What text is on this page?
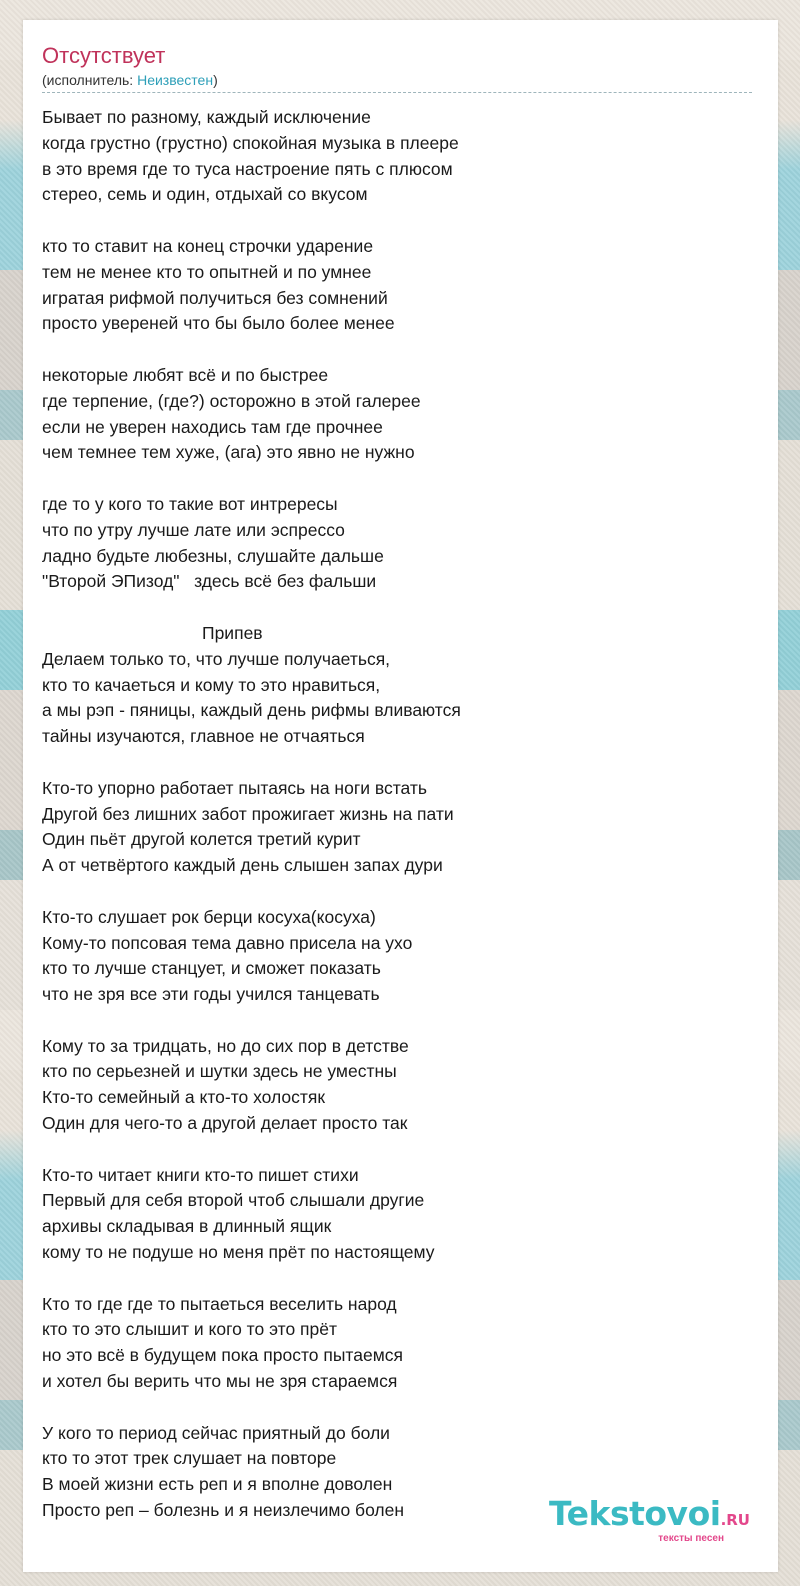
Отсутствует
(исполнитель: Неизвестен)
Бывает по разному, каждый исключение
когда грустно (грустно) спокойная музыка в плеере
в это время где то туса настроение пять с плюсом
стерео, семь и один, отдыхай со вкусом
кто то ставит на конец строчки ударение
тем не менее кто то опытней и по умнее
игратая рифмой получиться без сомнений
просто увереней что бы было более менее
некоторые любят всё и по быстрее
где терпение, (где?) осторожно в этой галерее
если не уверен находись там где прочнее
чем темнее тем хуже, (ага) это явно не нужно
где то у кого то такие вот интрересы
что по утру лучше лате или эспрессо
ладно будьте любезны, слушайте дальше
"Второй ЭПизод"   здесь всё без фальши
Припев
Делаем только то, что лучше получаеться,
кто то качаеться и кому то это нравиться,
а мы рэп - пяницы, каждый день рифмы вливаются
тайны изучаются, главное не отчаяться
Кто-то упорно работает пытаясь на ноги встать
Другой без лишних забот прожигает жизнь на пати
Один пьёт другой колется третий курит
А от четвёртого каждый день слышен запах дури
Кто-то слушает рок берци косуха(косуха)
Кому-то попсовая тема давно присела на ухо
кто то лучше станцует, и сможет показать
что не зря все эти годы учился танцевать
Кому то за тридцать, но до сих пор в детстве
кто по серьезней и шутки здесь не уместны
Кто-то семейный а кто-то холостяк
Один для чего-то а другой делает просто так
Кто-то читает книги кто-то пишет стихи
Первый для себя второй чтоб слышали другие
архивы складывая в длинный ящик
кому то не подуше но меня прёт по настоящему
Кто то где где то пытаеться веселить народ
кто то это слышит и кого то это прёт
но это всё в будущем пока просто пытаемся
и хотел бы верить что мы не зря стараемся
У кого то период сейчас приятный до боли
кто то этот трек слушает на повторе
В моей жизни есть реп и я вполне доволен
Просто реп – болезнь и я неизлечимо болен	Tekstovoi.RU
тексты песен
